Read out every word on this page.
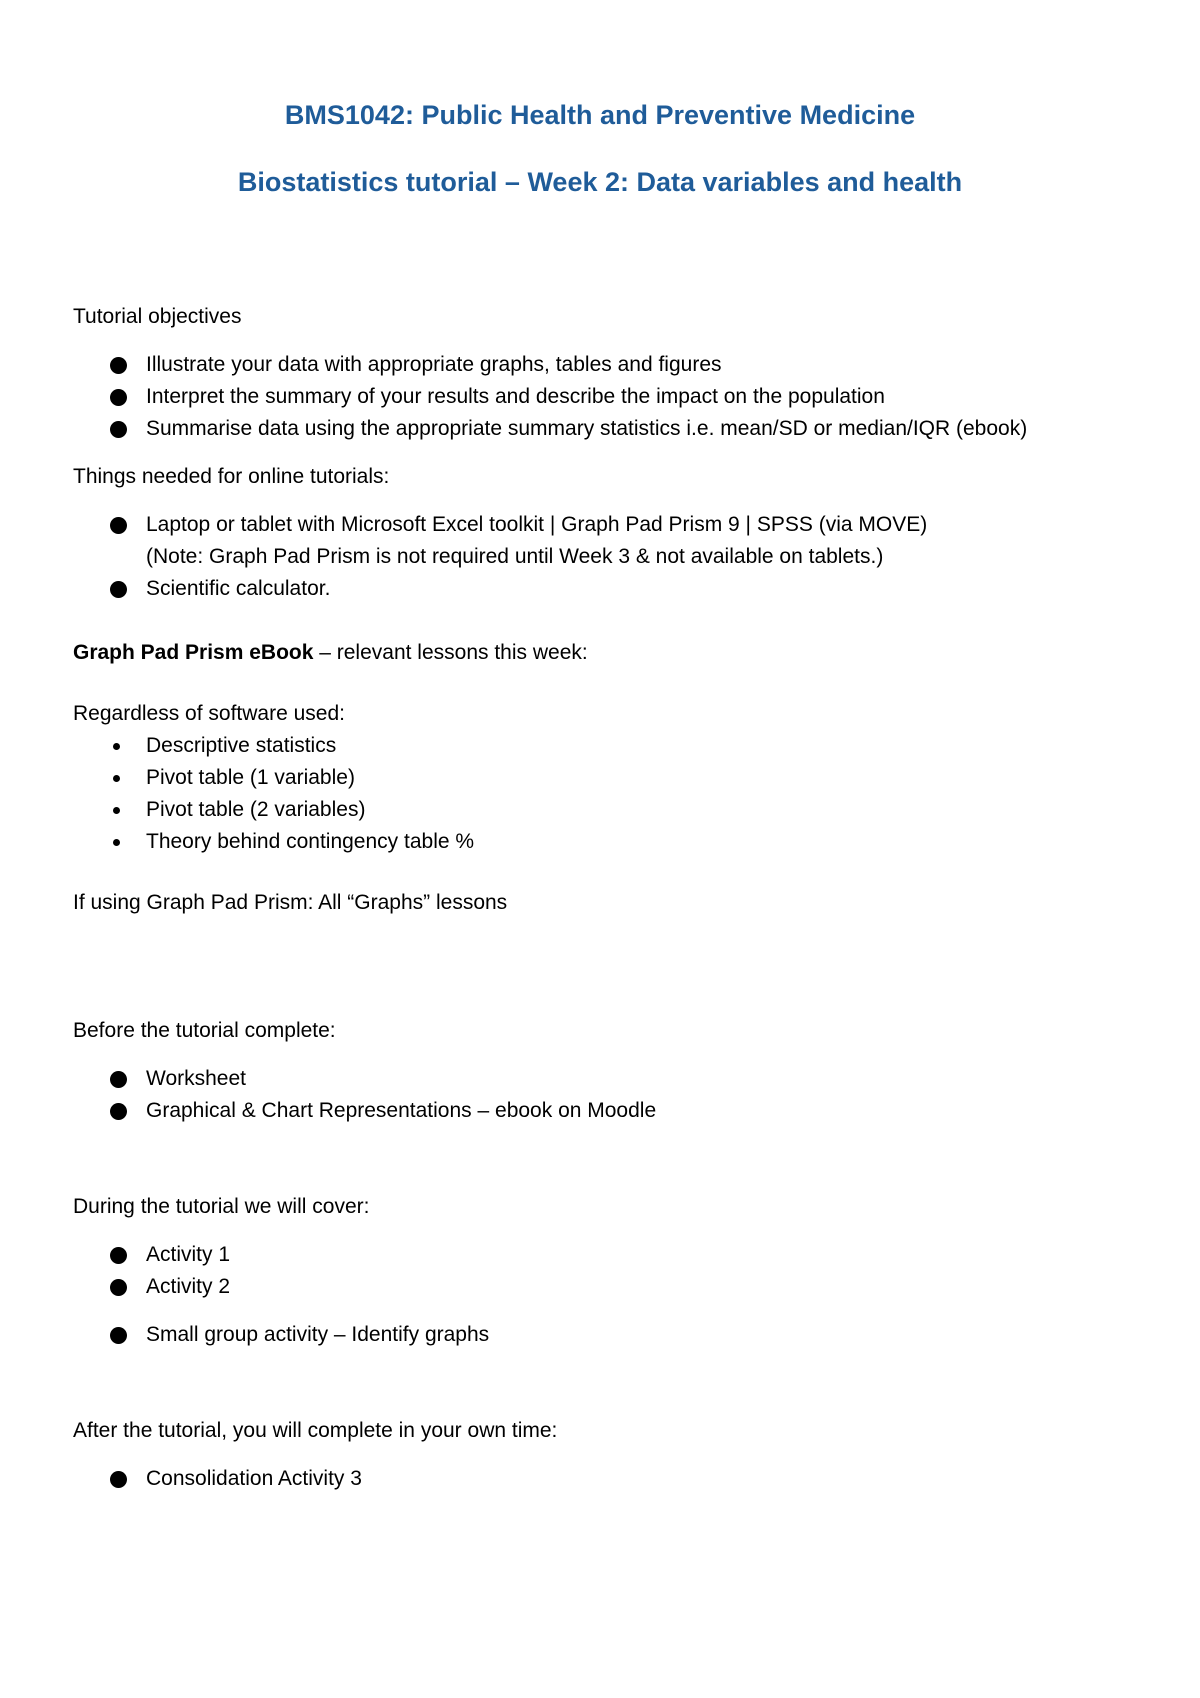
BMS1042: Public Health and Preventive Medicine
Biostatistics tutorial – Week 2: Data variables and health
Tutorial objectives
Illustrate your data with appropriate graphs, tables and figures
Interpret the summary of your results and describe the impact on the population
Summarise data using the appropriate summary statistics i.e. mean/SD or median/IQR (ebook)
Things needed for online tutorials:
Laptop or tablet with Microsoft Excel toolkit | Graph Pad Prism 9 | SPSS (via MOVE)
(Note: Graph Pad Prism is not required until Week 3 & not available on tablets.)
Scientific calculator.
Graph Pad Prism eBook – relevant lessons this week:
Regardless of software used:
Descriptive statistics
Pivot table (1 variable)
Pivot table (2 variables)
Theory behind contingency table %
If using Graph Pad Prism: All “Graphs” lessons
Before the tutorial complete:
Worksheet
Graphical & Chart Representations – ebook on Moodle
During the tutorial we will cover:
Activity 1
Activity 2
Small group activity – Identify graphs
After the tutorial, you will complete in your own time:
Consolidation Activity 3
